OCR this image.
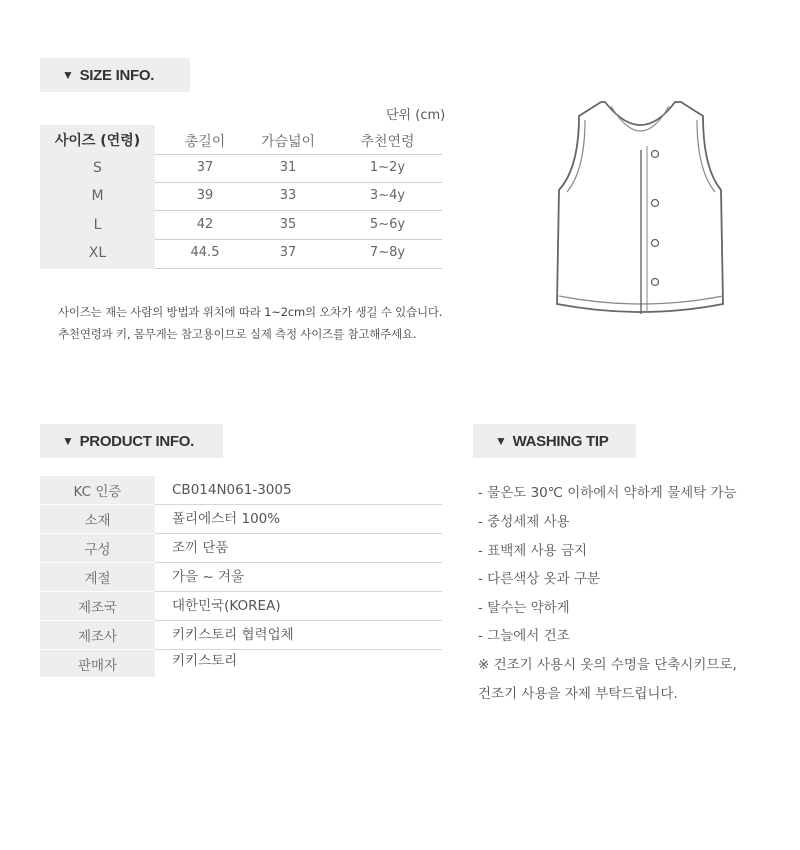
▼ SIZE INFO.
단위 (cm)
사이즈 (연령)	총길이	가슴넓이	추천연령
S	37	31	1~2y
M	39	33	3~4y
L	42	35	5~6y
XL	44.5	37	7~8y
사이즈는 재는 사람의 방법과 위치에 따라 1~2cm의 오차가 생길 수 있습니다.
추천연령과 키, 몸무게는 참고용이므로 실제 측정 사이즈를 참고해주세요.
▼ PRODUCT INFO.
KC 인증	CB014N061-3005
소재	폴리에스터 100%
구성	조끼 단품
계절	가을 ~ 겨울
제조국	대한민국(KOREA)
제조사	키키스토리 협력업체
판매자	키키스토리
▼ WASHING TIP
- 물온도 30℃ 이하에서 약하게 물세탁 가능
- 중성세제 사용
- 표백제 사용 금지
- 다른색상 옷과 구분
- 탈수는 약하게
- 그늘에서 건조
※ 건조기 사용시 옷의 수명을 단축시키므로,
건조기 사용을 자제 부탁드립니다.
